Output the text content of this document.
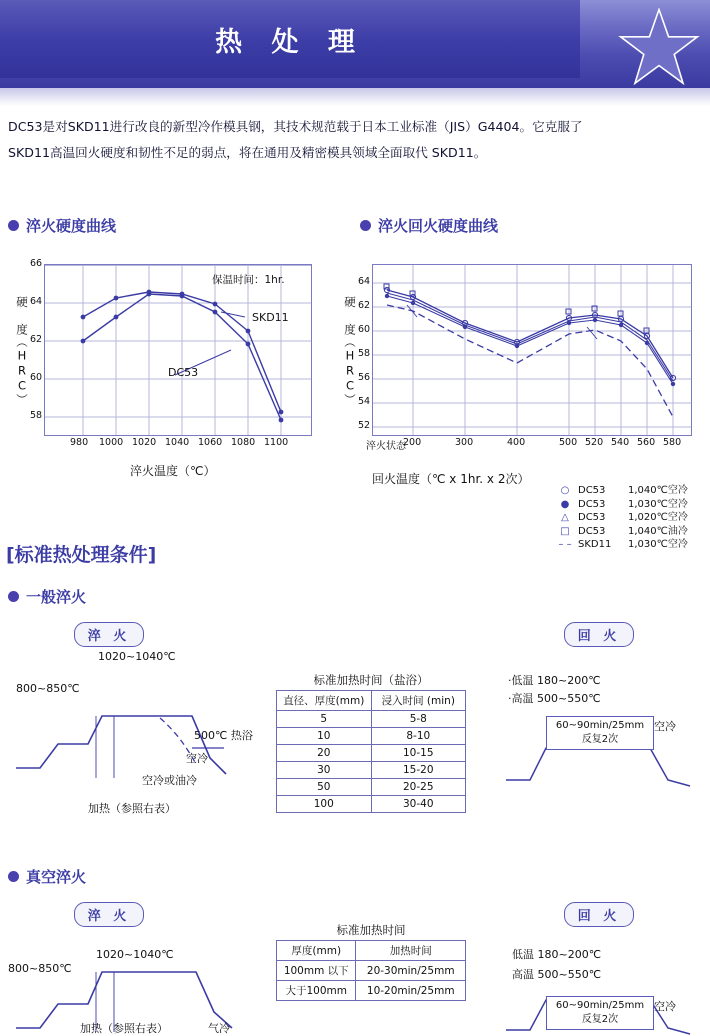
热 处 理
DC53是对SKD11进行改良的新型冷作模具钢，其技术规范载于日本工业标准（JIS）G4404。它克服了
SKD11高温回火硬度和韧性不足的弱点，将在通用及精密模具领域全面取代 SKD11。
淬火硬度曲线	淬火回火硬度曲线
硬 度（HRC）
66
64
62
60
58
980 1000 1020 1040 1060 1080 1100
保温时间：1hr.
SKD11
DC53
淬火温度（℃）
硬 度（HRC）
64
62
60
58
56
54
52
淬火状态
200	300	400	500 520 540 560 580
回火温度（℃ x 1hr. x 2次）
○ DC53	1,040℃空冷
● DC53	1,030℃空冷
△ DC53	1,020℃空冷
□ DC53	1,040℃油冷
– – SKD11	1,030℃空冷
[标准热处理条件]
一般淬火
淬 火	回 火
1020~1040℃
800~850℃
500℃ 热浴
空冷
空冷或油冷
加热（参照右表）
标准加热时间（盐浴）
直径、厚度(mm)	浸入时间 (min)
5	5-8
10	8-10
20	10-15
30	15-20
50	20-25
100	30-40
·低温 180~200℃
·高温 500~550℃
60~90min/25mm
反复2次
空冷
真空淬火
淬 火	回 火
1020~1040℃
800~850℃
加热（参照右表）	气冷
标准加热时间
厚度(mm)	加热时间
100mm 以下	20-30min/25mm
大于100mm	10-20min/25mm
低温 180~200℃
高温 500~550℃
60~90min/25mm
反复2次
空冷
